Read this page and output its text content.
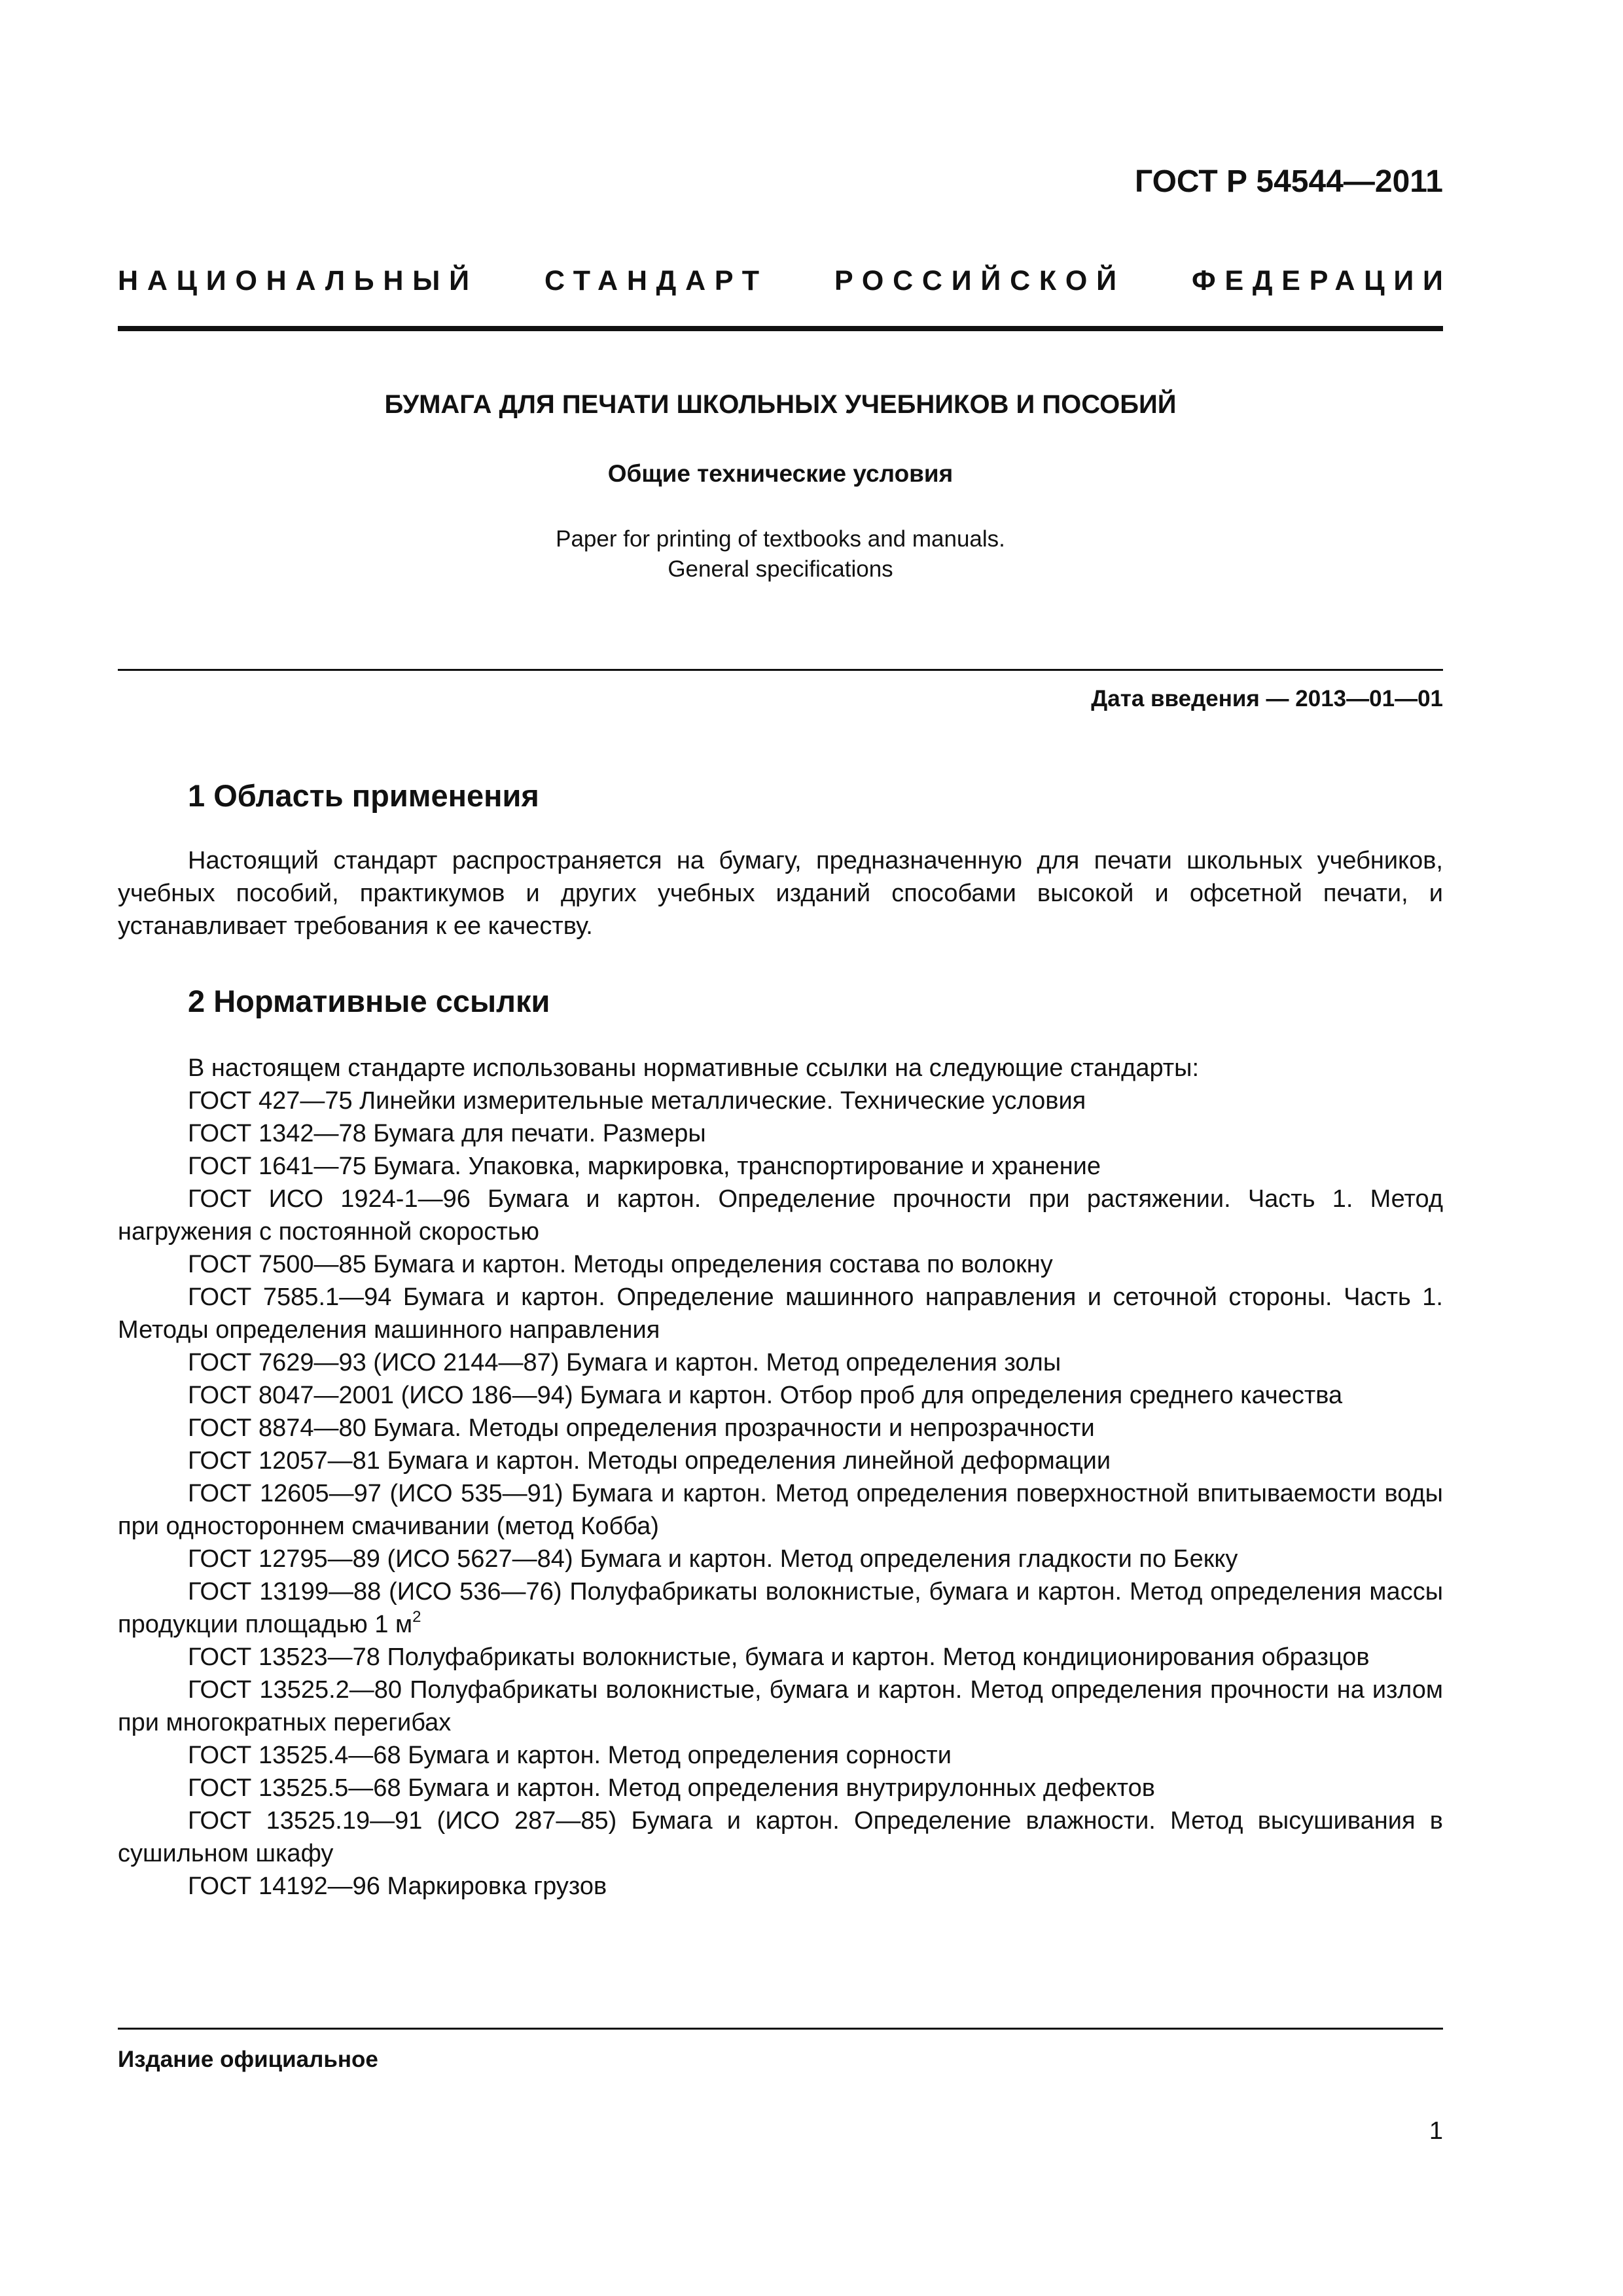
ГОСТ Р 54544—2011
НАЦИОНАЛЬНЫЙ СТАНДАРТ РОССИЙСКОЙ ФЕДЕРАЦИИ
БУМАГА ДЛЯ ПЕЧАТИ ШКОЛЬНЫХ УЧЕБНИКОВ И ПОСОБИЙ
Общие технические условия
Paper for printing of textbooks and manuals.
General specifications
Дата введения — 2013—01—01
1 Область применения
Настоящий стандарт распространяется на бумагу, предназначенную для печати школьных учебников, учебных пособий, практикумов и других учебных изданий способами высокой и офсетной печати, и устанавливает требования к ее качеству.
2 Нормативные ссылки

В настоящем стандарте использованы нормативные ссылки на следующие стандарты:

ГОСТ 427—75 Линейки измерительные металлические. Технические условия

ГОСТ 1342—78 Бумага для печати. Размеры

ГОСТ 1641—75 Бумага. Упаковка, маркировка, транспортирование и хранение

ГОСТ ИСО 1924-1—96 Бумага и картон. Определение прочности при растяжении. Часть 1. Метод нагружения с постоянной скоростью

ГОСТ 7500—85 Бумага и картон. Методы определения состава по волокну

ГОСТ 7585.1—94 Бумага и картон. Определение машинного направления и сеточной стороны. Часть 1. Методы определения машинного направления

ГОСТ 7629—93 (ИСО 2144—87) Бумага и картон. Метод определения золы

ГОСТ 8047—2001 (ИСО 186—94) Бумага и картон. Отбор проб для определения среднего качества

ГОСТ 8874—80 Бумага. Методы определения прозрачности и непрозрачности

ГОСТ 12057—81 Бумага и картон. Методы определения линейной деформации

ГОСТ 12605—97 (ИСО 535—91) Бумага и картон. Метод определения поверхностной впитываемости воды при одностороннем смачивании (метод Кобба)

ГОСТ 12795—89 (ИСО 5627—84) Бумага и картон. Метод определения гладкости по Бекку

ГОСТ 13199—88 (ИСО 536—76) Полуфабрикаты волокнистые, бумага и картон. Метод определения массы продукции площадью 1 $м^2$

ГОСТ 13523—78 Полуфабрикаты волокнистые, бумага и картон. Метод кондиционирования образцов

ГОСТ 13525.2—80 Полуфабрикаты волокнистые, бумага и картон. Метод определения прочности на излом при многократных перегибах

ГОСТ 13525.4—68 Бумага и картон. Метод определения сорности

ГОСТ 13525.5—68 Бумага и картон. Метод определения внутрирулонных дефектов

ГОСТ 13525.19—91 (ИСО 287—85) Бумага и картон. Определение влажности. Метод высушивания в сушильном шкафу

ГОСТ 14192—96 Маркировка грузов

Издание официальное
1
